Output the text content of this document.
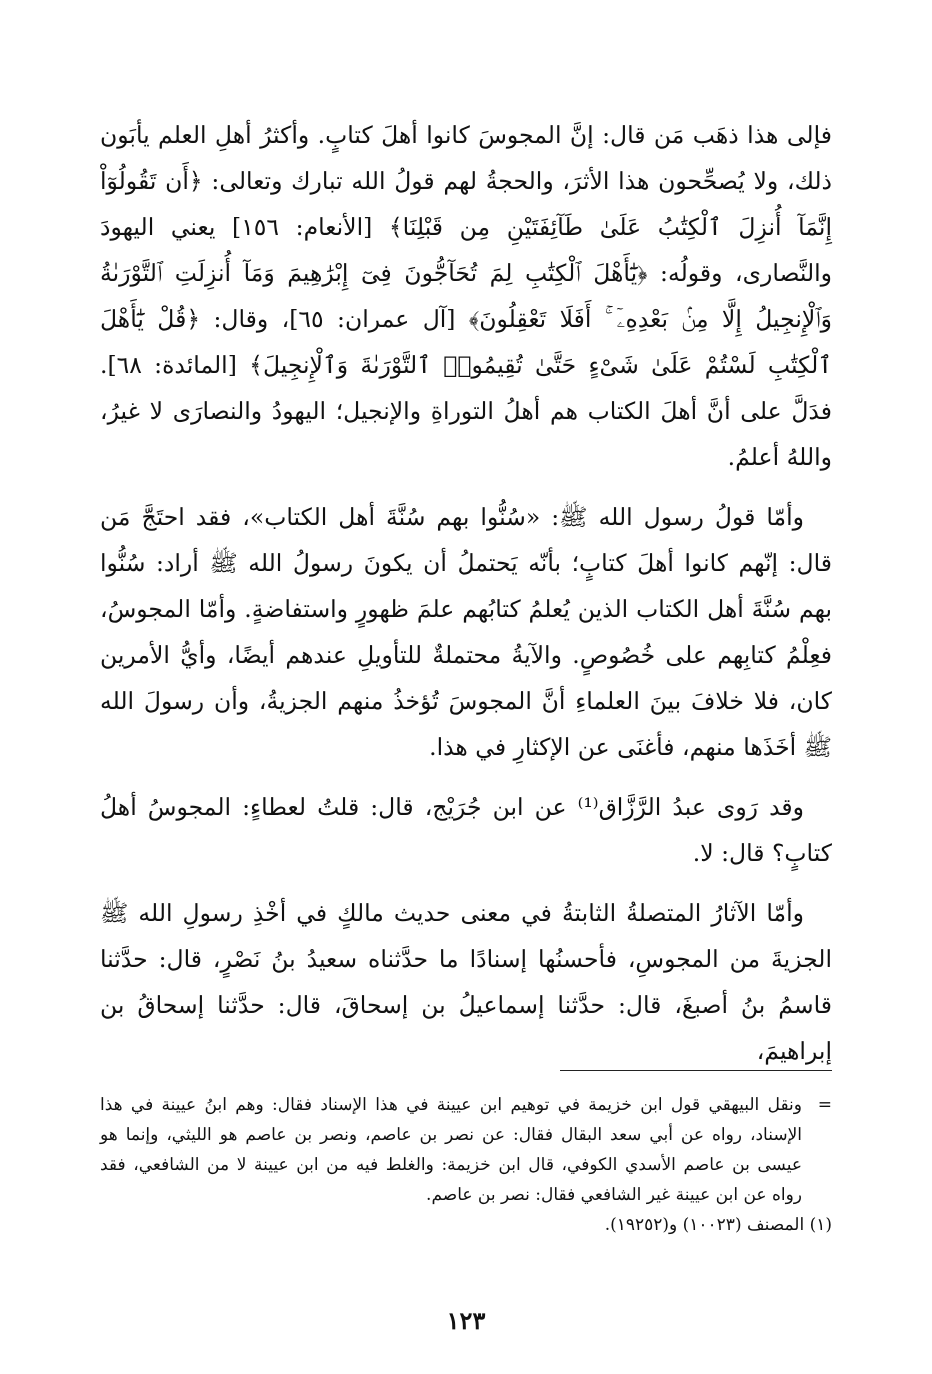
فإلى هذا ذهَب مَن قال: إنَّ المجوسَ كانوا أهلَ كتابٍ. وأكثرُ أهلِ العلم يأبَون ذلك، ولا يُصحِّحون هذا الأثرَ، والحجةُ لهم قولُ الله تبارك وتعالى: ﴿أَن تَقُولُوٓاْ إِنَّمَآ أُنزِلَ ٱلْكِتَٰبُ عَلَىٰ طَآئِفَتَيْنِ مِن قَبْلِنَا﴾ [الأنعام: ١٥٦] يعني اليهودَ والنَّصارى، وقولُه: ﴿يَٰٓأَهْلَ ٱلْكِتَٰبِ لِمَ تُحَآجُّونَ فِىٓ إِبْرَٰهِيمَ وَمَآ أُنزِلَتِ ٱلتَّوْرَىٰةُ وَٱلْإِنجِيلُ إِلَّا مِنۢ بَعْدِهِۦٓ ۚ أَفَلَا تَعْقِلُونَ﴾ [آل عمران: ٦٥]، وقال: ﴿قُلْ يَٰٓأَهْلَ ٱلْكِتَٰبِ لَسْتُمْ عَلَىٰ شَىْءٍ حَتَّىٰ تُقِيمُوا۟ ٱلتَّوْرَىٰةَ وَٱلْإِنجِيلَ﴾ [المائدة: ٦٨]. فدَلَّ على أنَّ أهلَ الكتاب هم أهلُ التوراةِ والإنجيل؛ اليهودُ والنصارَى لا غيرُ، واللهُ أعلمُ.

وأمّا قولُ رسول الله ﷺ: «سُنُّوا بهم سُنَّةَ أهل الكتاب»، فقد احتَجَّ مَن قال: إنّهم كانوا أهلَ كتابٍ؛ بأنّه يَحتملُ أن يكونَ رسولُ الله ﷺ أراد: سُنُّوا بهم سُنَّةَ أهل الكتاب الذين يُعلمُ كتابُهم علمَ ظهورٍ واستفاضةٍ. وأمّا المجوسُ، فعِلْمُ كتابِهم على خُصُوصٍ. والآيةُ محتملةٌ للتأويلِ عندهم أيضًا، وأيُّ الأمرين كان، فلا خلافَ بينَ العلماءِ أنَّ المجوسَ تُؤخذُ منهم الجزيةُ، وأن رسولَ الله ﷺ أخَذَها منهم، فأغنَى عن الإكثارِ في هذا.

وقد رَوى عبدُ الرَّزَّاق⁽¹⁾ عن ابن جُرَيْج، قال: قلتُ لعطاءٍ: المجوسُ أهلُ كتابٍ؟ قال: لا.

وأمّا الآثارُ المتصلةُ الثابتةُ في معنى حديث مالكٍ في أخْذِ رسولِ الله ﷺ الجزيةَ من المجوسِ، فأحسنُها إسنادًا ما حدَّثناه سعيدُ بنُ نَصْرٍ، قال: حدَّثنا قاسمُ بنُ أصبغَ، قال: حدَّثنا إسماعيلُ بن إسحاقَ، قال: حدَّثنا إسحاقُ بن إبراهيمَ،

=
ونقل البيهقي قول ابن خزيمة في توهيم ابن عيينة في هذا الإسناد فقال: وهم ابنُ عيينة في هذا الإسناد، رواه عن أبي سعد البقال فقال: عن نصر بن عاصم، ونصر بن عاصم هو الليثي، وإنما هو عيسى بن عاصم الأسدي الكوفي، قال ابن خزيمة: والغلط فيه من ابن عيينة لا من الشافعي، فقد رواه عن ابن عيينة غير الشافعي فقال: نصر بن عاصم.

(١) المصنف (١٠٠٢٣) و(١٩٢٥٢).

١٢٣
